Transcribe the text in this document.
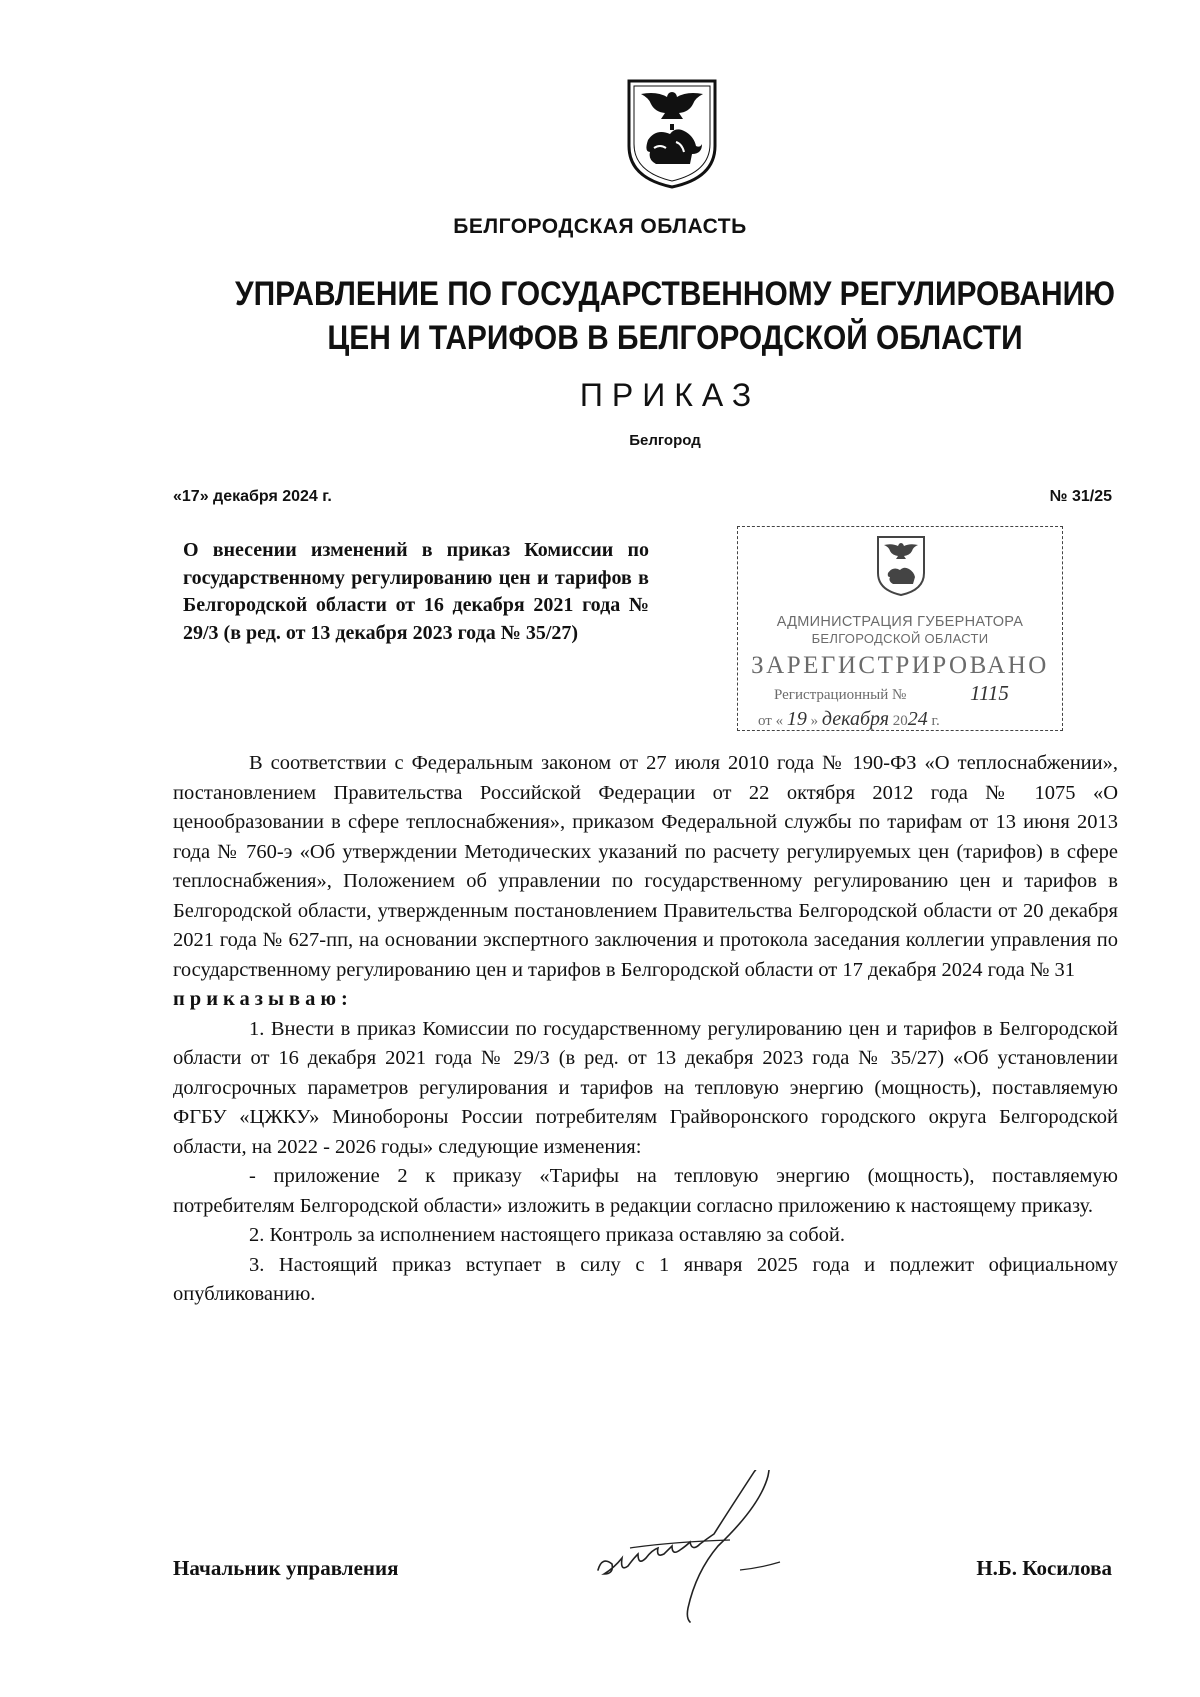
БЕЛГОРОДСКАЯ ОБЛАСТЬ
УПРАВЛЕНИЕ ПО ГОСУДАРСТВЕННОМУ РЕГУЛИРОВАНИЮ
ЦЕН И ТАРИФОВ В БЕЛГОРОДСКОЙ ОБЛАСТИ
ПРИКАЗ
Белгород
«17» декабря 2024 г.	№ 31/25
О внесении изменений в приказ Комиссии по государственному регулированию цен и тарифов в Белгородской области от 16 декабря 2021 года № 29/3 (в ред. от 13 декабря 2023 года № 35/27)	АДМИНИСТРАЦИЯ ГУБЕРНАТОРА
БЕЛГОРОДСКОЙ ОБЛАСТИ
ЗАРЕГИСТРИРОВАНО
Регистрационный №	1115
от « 19 » декабря 2024 г.

В соответствии с Федеральным законом от 27 июля 2010 года № 190-ФЗ «О теплоснабжении», постановлением Правительства Российской Федерации от 22 октября 2012 года № 1075 «О ценообразовании в сфере теплоснабжения», приказом Федеральной службы по тарифам от 13 июня 2013 года № 760-э «Об утверждении Методических указаний по расчету регулируемых цен (тарифов) в сфере теплоснабжения», Положением об управлении по государственному регулированию цен и тарифов в Белгородской области, утвержденным постановлением Правительства Белгородской области от 20 декабря 2021 года № 627-пп, на основании экспертного заключения и протокола заседания коллегии управления по государственному регулированию цен и тарифов в Белгородской области от 17 декабря 2024 года № 31

приказываю:

1. Внести в приказ Комиссии по государственному регулированию цен и тарифов в Белгородской области от 16 декабря 2021 года № 29/3 (в ред. от 13 декабря 2023 года № 35/27) «Об установлении долгосрочных параметров регулирования и тарифов на тепловую энергию (мощность), поставляемую ФГБУ «ЦЖКУ» Минобороны России потребителям Грайворонского городского округа Белгородской области, на 2022 - 2026 годы» следующие изменения:

- приложение 2 к приказу «Тарифы на тепловую энергию (мощность), поставляемую потребителям Белгородской области» изложить в редакции согласно приложению к настоящему приказу.

2. Контроль за исполнением настоящего приказа оставляю за собой.

3. Настоящий приказ вступает в силу с 1 января 2025 года и подлежит официальному опубликованию.

Начальник управления	Н.Б. Косилова
